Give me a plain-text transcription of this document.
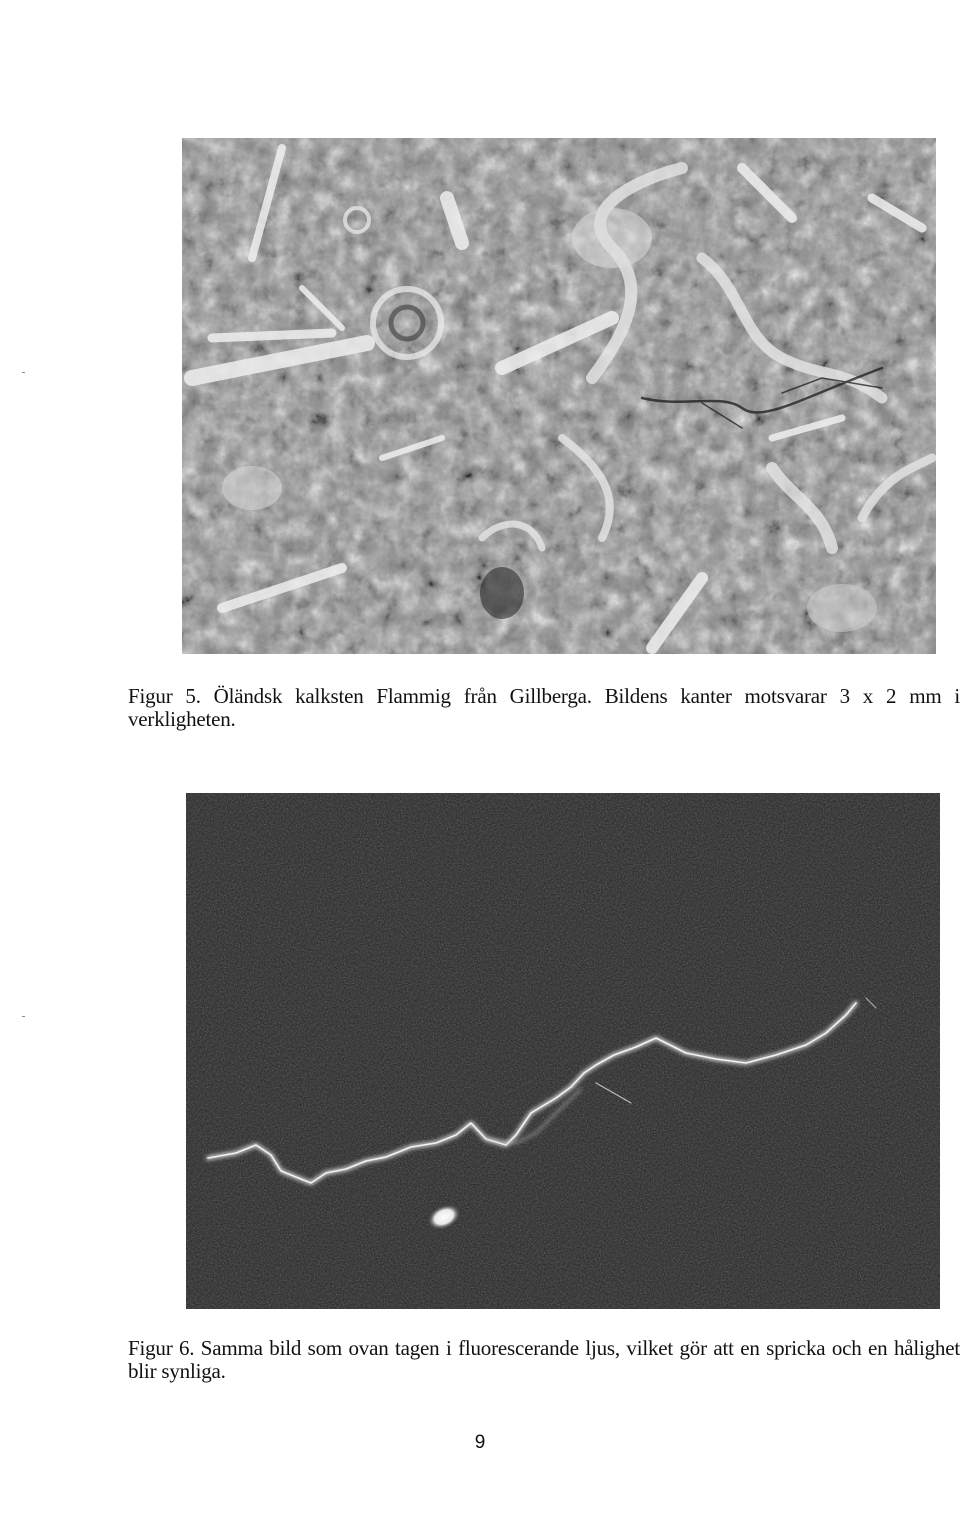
Figur 5. Öländsk kalksten Flammig från Gillberga. Bildens kanter motsvarar 3 x 2 mm i verkligheten.
Figur 6. Samma bild som ovan tagen i fluorescerande ljus, vilket gör att en spricka och en hålighet blir synliga.
9
